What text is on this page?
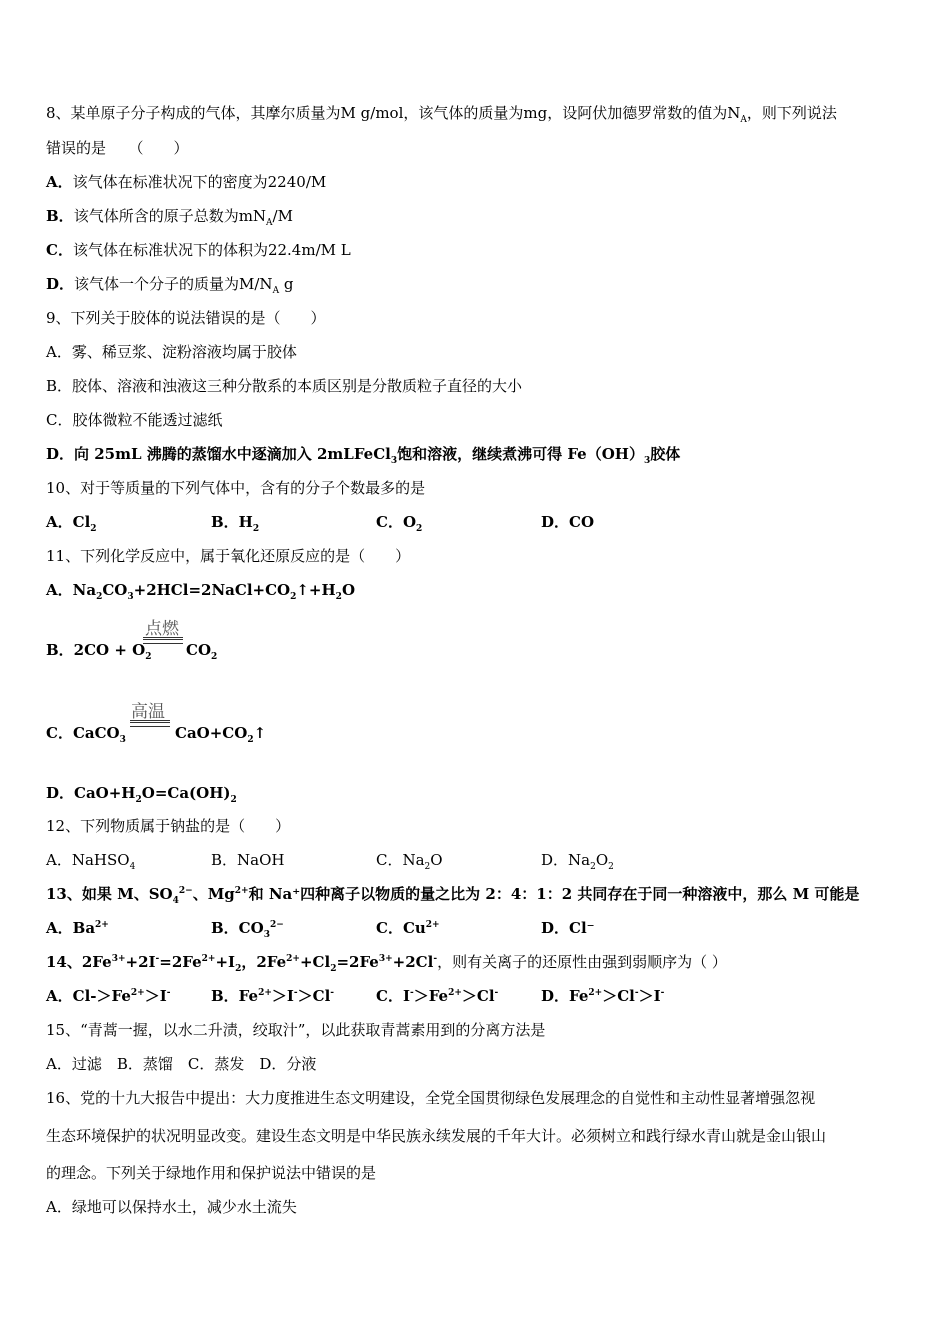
8、某单原子分子构成的气体，其摩尔质量为M g/mol，该气体的质量为mg，设阿伏加德罗常数的值为$N_A$，则下列说法
错误的是　　（　　）
A．该气体在标准状况下的密度为2240/M
B．该气体所含的原子总数为$mN_A/M$
C．该气体在标准状况下的体积为22.4m/M L
D．该气体一个分子的质量为$M/N_A$ g
9、下列关于胶体的说法错误的是（　　）
A．雾、稀豆浆、淀粉溶液均属于胶体
B．胶体、溶液和浊液这三种分散系的本质区别是分散质粒子直径的大小
C．胶体微粒不能透过滤纸
D．向 25mL 沸腾的蒸馏水中逐滴加入 2mLFeCl$_3$饱和溶液，继续煮沸可得 $Fe(OH)_3$胶体
10、对于等质量的下列气体中，含有的分子个数最多的是
A．$Cl_2$	B．$H_2$	C．$O_2$	D．CO
11、下列化学反应中，属于氧化还原反应的是（　　）
A．$Na_2CO_3+2HCl=2NaCl+CO_2↑+H_2O$
B．$2CO + O_2$
点燃
$CO_2$
C．CaCO$_3$
高温
$CaO+CO_2↑$
D．$CaO+H_2O=Ca(OH)_2$
12、下列物质属于钠盐的是（　　）
A．NaHSO$_4$	B．NaOH	C．$Na_2O$	D．$Na_2O_2$
13、如果 M、$SO_4^{2-}$、$Mg^{2+}$和 Na⁺四种离子以物质的量之比为 2：4：1：2 共同存在于同一种溶液中，那么 M 可能是
A．$Ba^{2+}$	B．$CO_3^{2-}$	C．$Cu^{2+}$	D．Cl⁻
14、$2Fe^{3+}+2I^-=2Fe^{2+}+I_2$，$2Fe^{2+}+Cl_2=2Fe^{3+}+2Cl^-$，则有关离子的还原性由强到弱顺序为（ ）
A．$Cl->Fe^{2+}>I^-$	B．$Fe^{2+}>I^->Cl^-$	C．$I^->Fe^{2+}>Cl^-$	D．$Fe^{2+}>Cl^->I^-$
15、“青蒿一握，以水二升渍，绞取汁”，以此获取青蒿素用到的分离方法是
A．过滤　B．蒸馏　C．蒸发　D．分液
16、党的十九大报告中提出：大力度推进生态文明建设，全党全国贯彻绿色发展理念的自觉性和主动性显著增强忽视
生态环境保护的状况明显改变。建设生态文明是中华民族永续发展的千年大计。必须树立和践行绿水青山就是金山银山
的理念。下列关于绿地作用和保护说法中错误的是
A．绿地可以保持水土，减少水土流失
